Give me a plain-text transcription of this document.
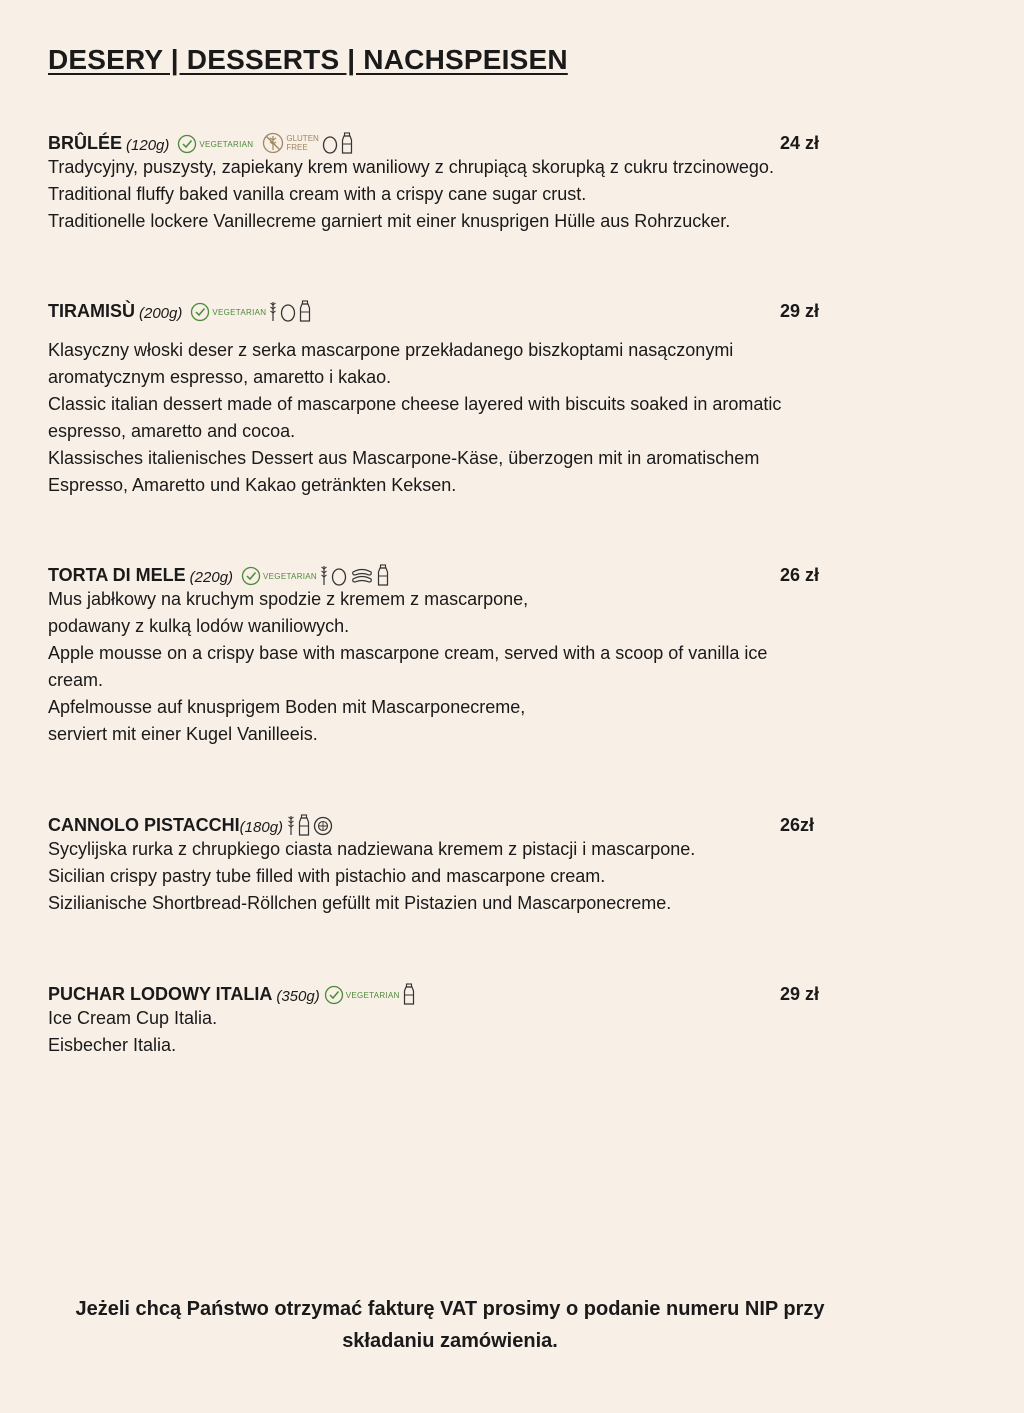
DESERY | DESSERTS | NACHSPEISEN
BRÛLÉE (120g)	VEGETARIAN
GLUTEN
FREE	24 zł

Tradycyjny, puszysty, zapiekany krem waniliowy z chrupiącą skorupką z cukru trzcinowego.

Traditional fluffy baked vanilla cream with a crispy cane sugar crust.

Traditionelle lockere Vanillecreme garniert mit einer knusprigen Hülle aus Rohrzucker.

TIRAMISÙ (200g)	VEGETARIAN	29 zł

Klasyczny włoski deser z serka mascarpone przekładanego biszkoptami nasączonymi

aromatycznym espresso, amaretto i kakao.

Classic italian dessert made of mascarpone cheese layered with biscuits soaked in aromatic

espresso, amaretto and cocoa.

Klassisches italienisches Dessert aus Mascarpone-Käse, überzogen mit in aromatischem

Espresso, Amaretto und Kakao getränkten Keksen.

TORTA DI MELE (220g)	VEGETARIAN	26 zł

Mus jabłkowy na kruchym spodzie z kremem z mascarpone,

podawany z kulką lodów waniliowych.

Apple mousse on a crispy base with mascarpone cream, served with a scoop of vanilla ice

cream.

Apfelmousse auf knusprigem Boden mit Mascarponecreme,

serviert mit einer Kugel Vanilleeis.

CANNOLO PISTACCHI (180g)	26zł

Sycylijska rurka z chrupkiego ciasta nadziewana kremem z pistacji i mascarpone.

Sicilian crispy pastry tube filled with pistachio and mascarpone cream.

Sizilianische Shortbread-Röllchen gefüllt mit Pistazien und Mascarponecreme.

PUCHAR LODOWY ITALIA (350g)	VEGETARIAN	29 zł

Ice Cream Cup Italia.

Eisbecher Italia.

Jeżeli chcą Państwo otrzymać fakturę VAT prosimy o podanie numeru NIP przy
składaniu zamówienia.
